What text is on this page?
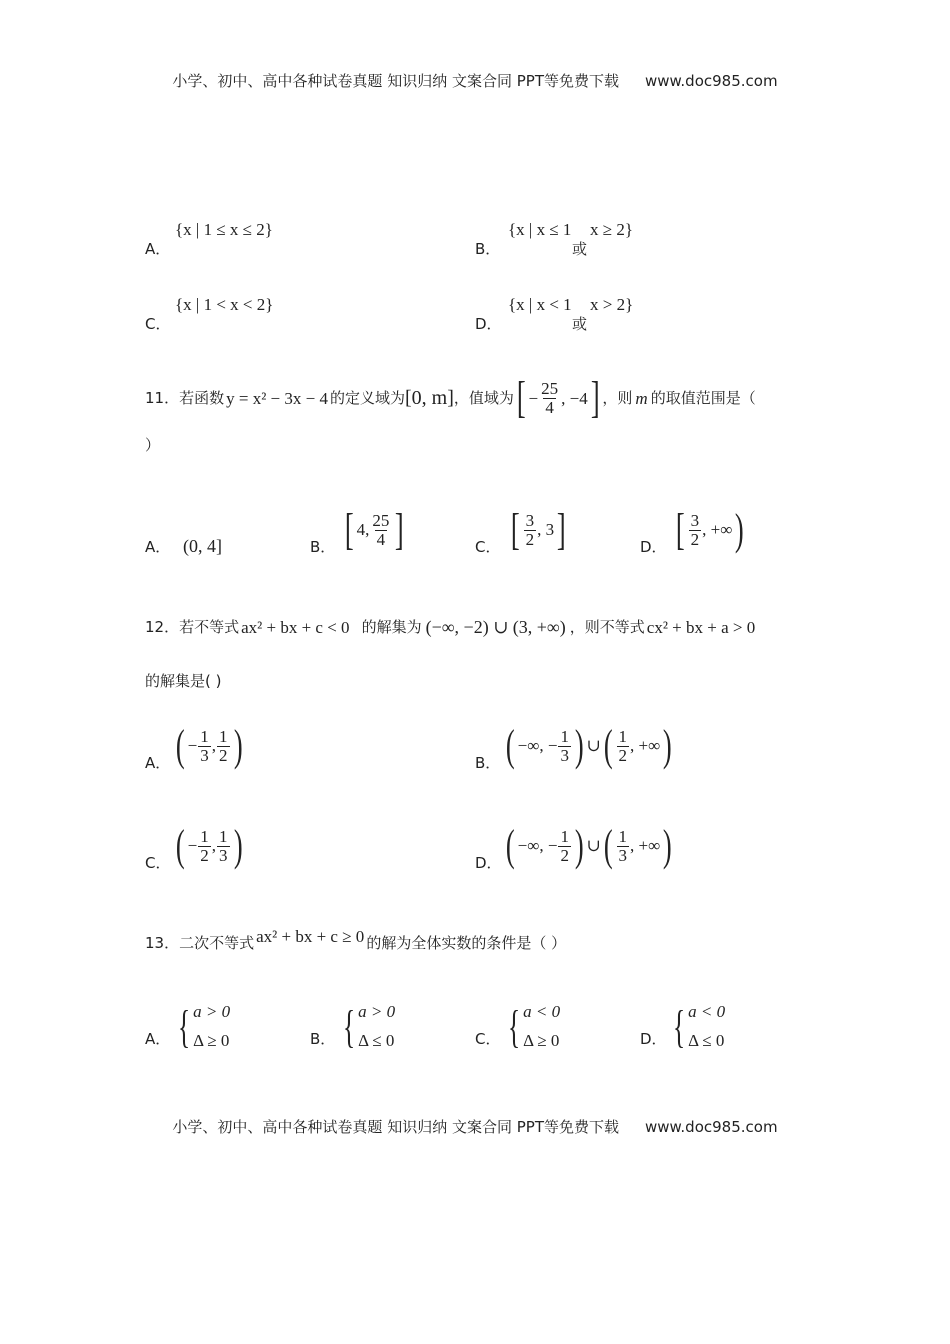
小学、初中、高中各种试卷真题 知识归纳 文案合同 PPT等免费下载 www.doc985.com
A．
{x | 1 ≤ x ≤ 2}
B．
{x | x ≤ 1
或
x ≥ 2}
C．
{x | 1 < x < 2}
D．
{x | x < 1
或
x > 2}
11． 若函数 y = x² − 3x − 4 的定义域为 [0, m] ，值域为 [ − $\frac{25}{4}$ , −4 ] ，则 m 的取值范围是（
）
A． (0, 4]	B． [ 4, $\frac{25}{4}$ ]	C． [ $\frac{3}{2}$ , 3 ]	D． [ $\frac{3}{2}$ , +∞ )
12． 若不等式 ax² + bx + c < 0 的解集为 (−∞, −2) ∪ (3, +∞) ，则不等式 cx² + bx + a > 0
的解集是( )
A． ( − $\frac{1}{3}$ , $\frac{1}{2}$ )	B． ( −∞, − $\frac{1}{3}$ ) ∪ ( $\frac{1}{2}$ , +∞ )
C． ( − $\frac{1}{2}$ , $\frac{1}{3}$ )	D． ( −∞, − $\frac{1}{2}$ ) ∪ ( $\frac{1}{3}$ , +∞ )
13． 二次不等式 ax² + bx + c ≥ 0 的解为全体实数的条件是（ ）
A． { a > 0
Δ ≥ 0	B． { a > 0
Δ ≤ 0	C． { a < 0
Δ ≥ 0	D． { a < 0
Δ ≤ 0
小学、初中、高中各种试卷真题 知识归纳 文案合同 PPT等免费下载 www.doc985.com
